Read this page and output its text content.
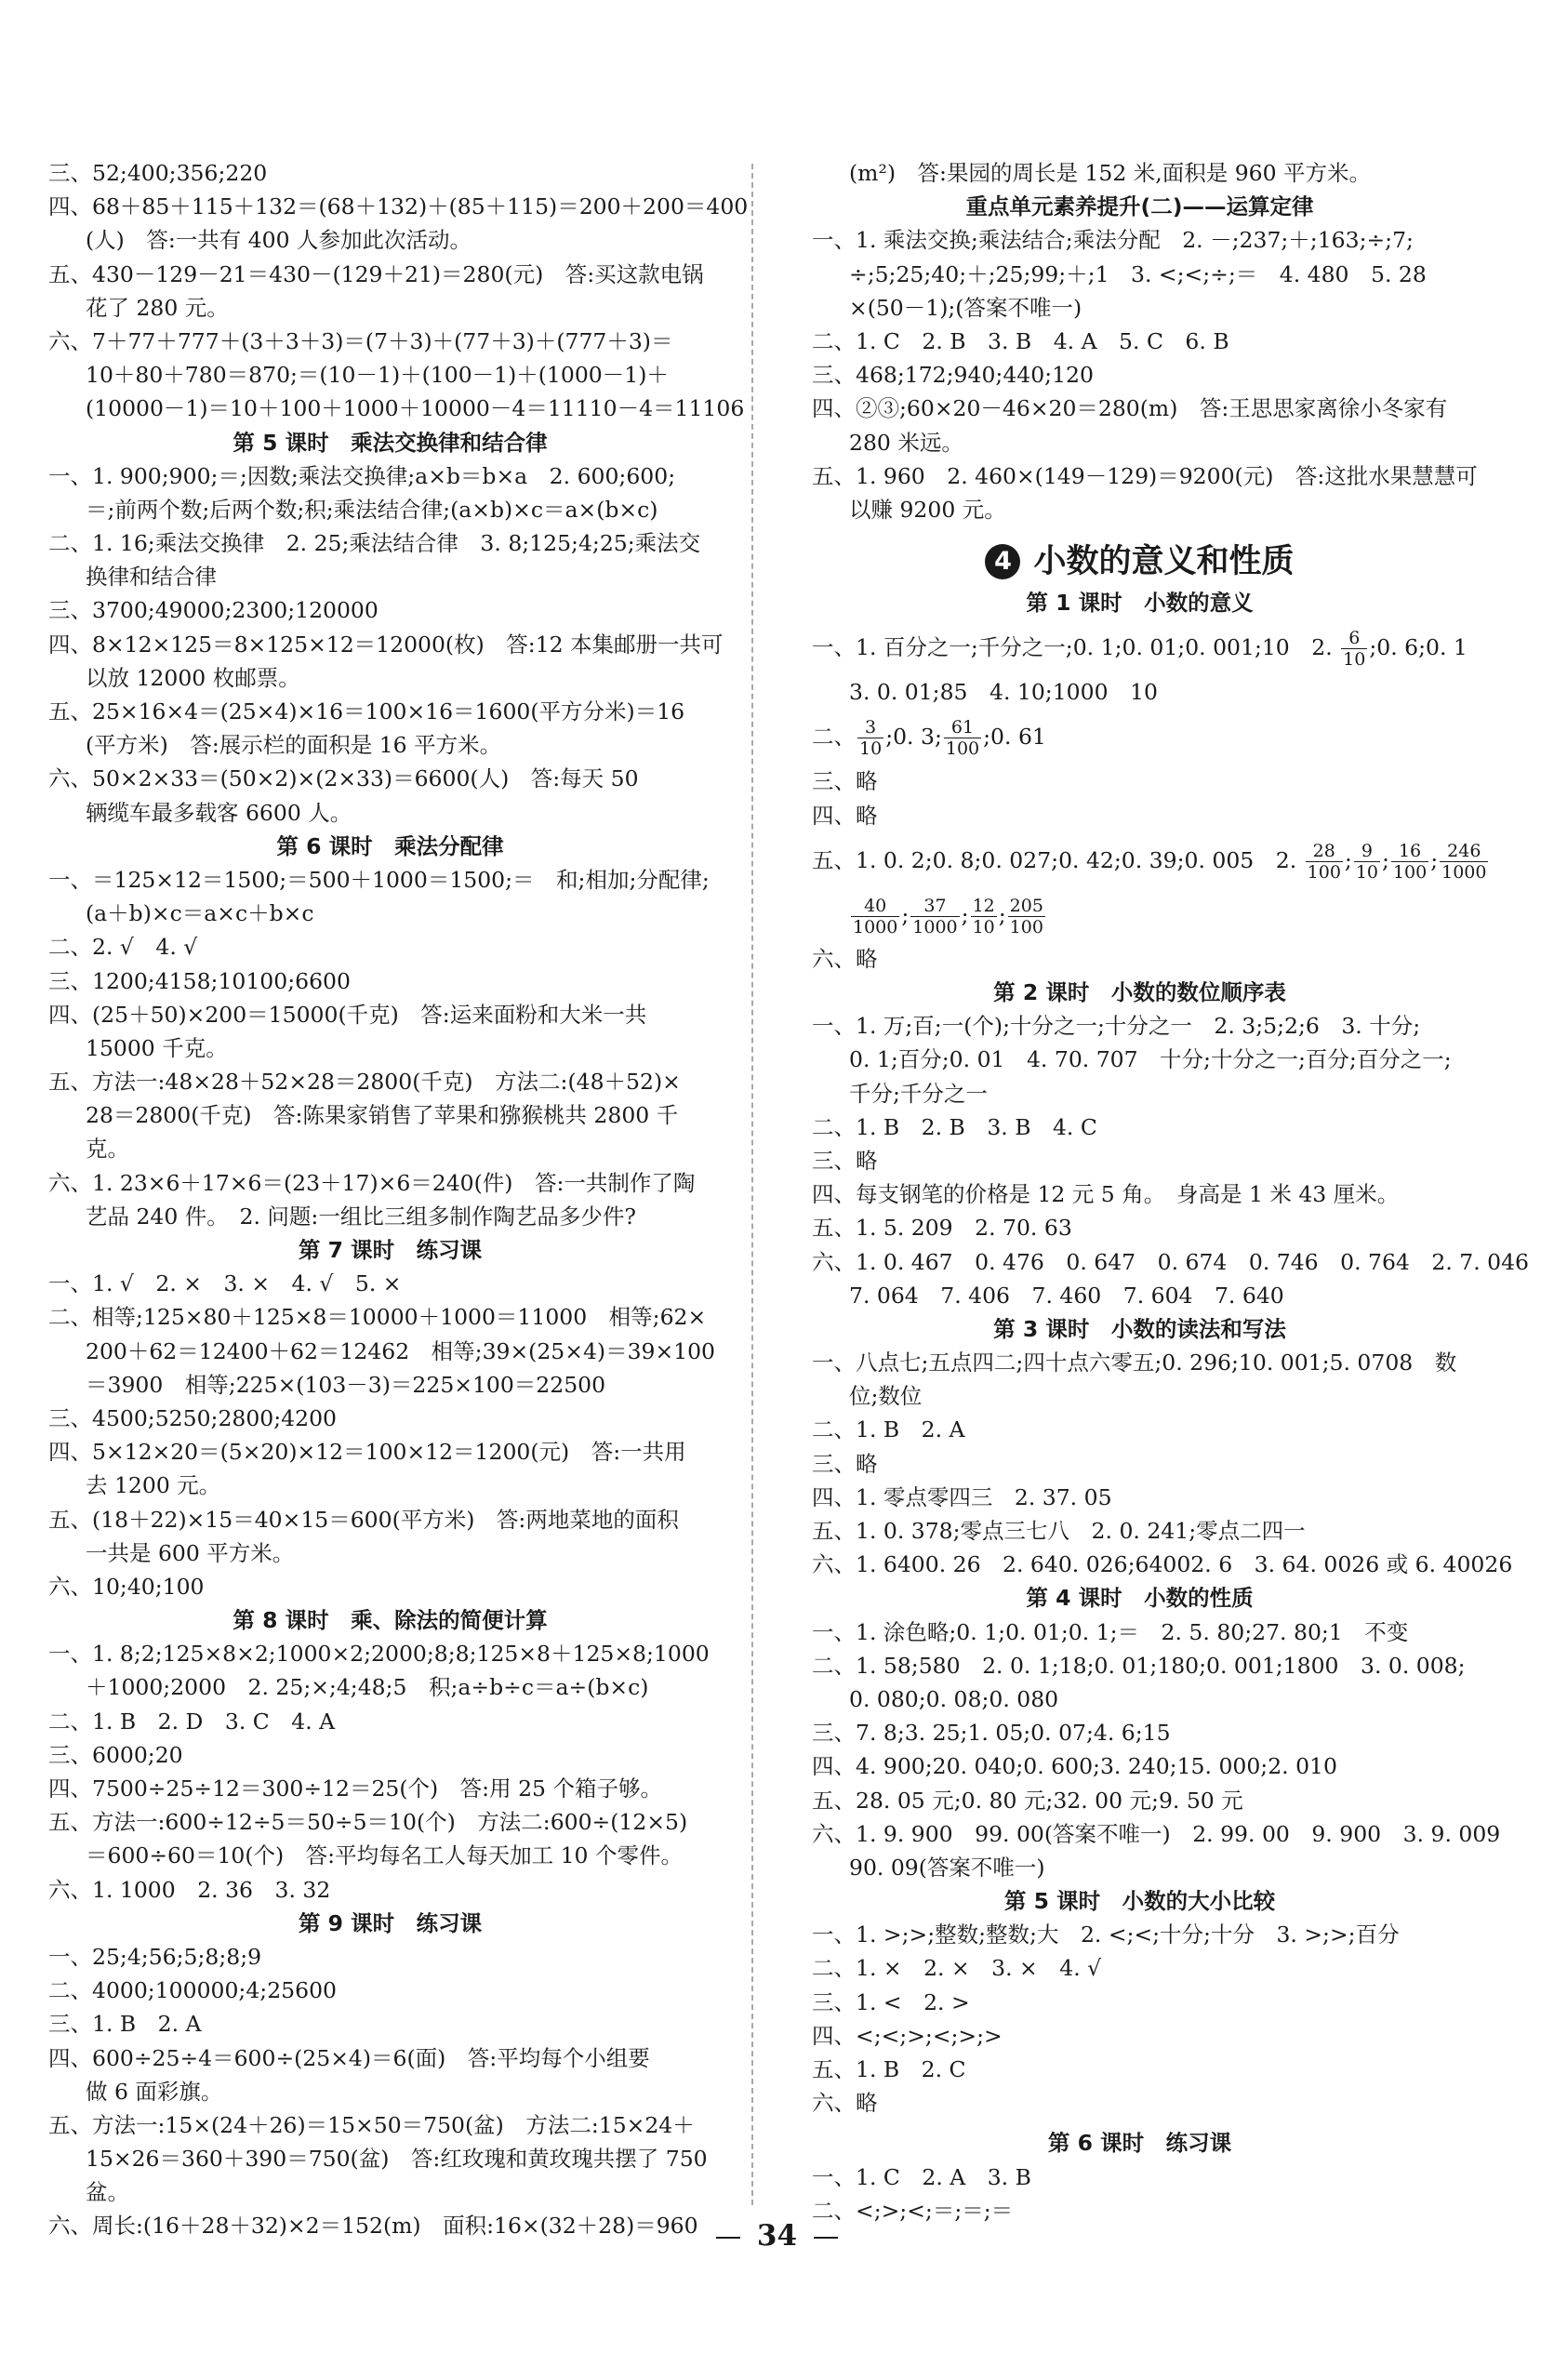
三、52;400;356;220
四、68＋85＋115＋132＝(68＋132)＋(85＋115)＝200＋200＝400
(人)　答:一共有 400 人参加此次活动。
五、430－129－21＝430－(129＋21)＝280(元)　答:买这款电锅
花了 280 元。
六、7＋77＋777＋(3＋3＋3)＝(7＋3)＋(77＋3)＋(777＋3)＝
10＋80＋780＝870;＝(10－1)＋(100－1)＋(1000－1)＋
(10000－1)＝10＋100＋1000＋10000－4＝11110－4＝11106
第 5 课时　乘法交换律和结合律
一、1. 900;900;＝;因数;乘法交换律;a×b＝b×a　2. 600;600;
＝;前两个数;后两个数;积;乘法结合律;(a×b)×c＝a×(b×c)
二、1. 16;乘法交换律　2. 25;乘法结合律　3. 8;125;4;25;乘法交
换律和结合律
三、3700;49000;2300;120000
四、8×12×125＝8×125×12＝12000(枚)　答:12 本集邮册一共可
以放 12000 枚邮票。
五、25×16×4＝(25×4)×16＝100×16＝1600(平方分米)＝16
(平方米)　答:展示栏的面积是 16 平方米。
六、50×2×33＝(50×2)×(2×33)＝6600(人)　答:每天 50
辆缆车最多载客 6600 人。
第 6 课时　乘法分配律
一、＝125×12＝1500;＝500＋1000＝1500;＝　和;相加;分配律;
(a＋b)×c＝a×c＋b×c
二、2. √　4. √
三、1200;4158;10100;6600
四、(25＋50)×200＝15000(千克)　答:运来面粉和大米一共
15000 千克。
五、方法一:48×28＋52×28＝2800(千克)　方法二:(48＋52)×
28＝2800(千克)　答:陈果家销售了苹果和猕猴桃共 2800 千
克。
六、1. 23×6＋17×6＝(23＋17)×6＝240(件)　答:一共制作了陶
艺品 240 件。　2. 问题:一组比三组多制作陶艺品多少件?
第 7 课时　练习课
一、1. √　2. ×　3. ×　4. √　5. ×
二、相等;125×80＋125×8＝10000＋1000＝11000　相等;62×
200＋62＝12400＋62＝12462　相等;39×(25×4)＝39×100
＝3900　相等;225×(103－3)＝225×100＝22500
三、4500;5250;2800;4200
四、5×12×20＝(5×20)×12＝100×12＝1200(元)　答:一共用
去 1200 元。
五、(18＋22)×15＝40×15＝600(平方米)　答:两地菜地的面积
一共是 600 平方米。
六、10;40;100
第 8 课时　乘、除法的简便计算
一、1. 8;2;125×8×2;1000×2;2000;8;8;125×8＋125×8;1000
＋1000;2000　2. 25;×;4;48;5　积;a÷b÷c＝a÷(b×c)
二、1. B　2. D　3. C　4. A
三、6000;20
四、7500÷25÷12＝300÷12＝25(个)　答:用 25 个箱子够。
五、方法一:600÷12÷5＝50÷5＝10(个)　方法二:600÷(12×5)
＝600÷60＝10(个)　答:平均每名工人每天加工 10 个零件。
六、1. 1000　2. 36　3. 32
第 9 课时　练习课
一、25;4;56;5;8;8;9
二、4000;100000;4;25600
三、1. B　2. A
四、600÷25÷4＝600÷(25×4)＝6(面)　答:平均每个小组要
做 6 面彩旗。
五、方法一:15×(24＋26)＝15×50＝750(盆)　方法二:15×24＋
15×26＝360＋390＝750(盆)　答:红玫瑰和黄玫瑰共摆了 750
盆。
六、周长:(16＋28＋32)×2＝152(m)　面积:16×(32＋28)＝960
(m²)　答:果园的周长是 152 米,面积是 960 平方米。
重点单元素养提升(二)——运算定律
一、1. 乘法交换;乘法结合;乘法分配　2. －;237;＋;163;÷;7;
÷;5;25;40;＋;25;99;＋;1　3. <;<;÷;＝　4. 480　5. 28
×(50－1);(答案不唯一)
二、1. C　2. B　3. B　4. A　5. C　6. B
三、468;172;940;440;120
四、②③;60×20－46×20＝280(m)　答:王思思家离徐小冬家有
280 米远。
五、1. 960　2. 460×(149－129)＝9200(元)　答:这批水果慧慧可
以赚 9200 元。
4 小数的意义和性质
第 1 课时　小数的意义
一、1. 百分之一;千分之一;0. 1;0. 01;0. 001;10　2. $\frac{6}{10}$ ;0. 6;0. 1
3. 0. 01;85　4. 10;1000　10
二、 $\frac{3}{10}$ ;0. 3; $\frac{61}{100}$ ;0. 61
三、略
四、略
五、1. 0. 2;0. 8;0. 027;0. 42;0. 39;0. 005　2. $\frac{28}{100}$ ; $\frac{9}{10}$ ; $\frac{16}{100}$ ; $\frac{246}{1000}$
$\frac{40}{1000}$ ; $\frac{37}{1000}$ ; $\frac{12}{10}$ ; $\frac{205}{100}$
六、略
第 2 课时　小数的数位顺序表
一、1. 万;百;一(个);十分之一;十分之一　2. 3;5;2;6　3. 十分;
0. 1;百分;0. 01　4. 70. 707　十分;十分之一;百分;百分之一;
千分;千分之一
二、1. B　2. B　3. B　4. C
三、略
四、每支钢笔的价格是 12 元 5 角。　身高是 1 米 43 厘米。
五、1. 5. 209　2. 70. 63
六、1. 0. 467　0. 476　0. 647　0. 674　0. 746　0. 764　2. 7. 046
7. 064　7. 406　7. 460　7. 604　7. 640
第 3 课时　小数的读法和写法
一、八点七;五点四二;四十点六零五;0. 296;10. 001;5. 0708　数
位;数位
二、1. B　2. A
三、略
四、1. 零点零四三　2. 37. 05
五、1. 0. 378;零点三七八　2. 0. 241;零点二四一
六、1. 6400. 26　2. 640. 026;64002. 6　3. 64. 0026 或 6. 40026
第 4 课时　小数的性质
一、1. 涂色略;0. 1;0. 01;0. 1;＝　2. 5. 80;27. 80;1　不变
二、1. 58;580　2. 0. 1;18;0. 01;180;0. 001;1800　3. 0. 008;
0. 080;0. 08;0. 080
三、7. 8;3. 25;1. 05;0. 07;4. 6;15
四、4. 900;20. 040;0. 600;3. 240;15. 000;2. 010
五、28. 05 元;0. 80 元;32. 00 元;9. 50 元
六、1. 9. 900　99. 00(答案不唯一)　2. 99. 00　9. 900　3. 9. 009
90. 09(答案不唯一)
第 5 课时　小数的大小比较
一、1. >;>;整数;整数;大　2. <;<;十分;十分　3. >;>;百分
二、1. ×　2. ×　3. ×　4. √
三、1. <　2. >
四、<;<;>;<;>;>
五、1. B　2. C
六、略
第 6 课时　练习课
一、1. C　2. A　3. B
二、<;>;<;＝;＝;＝
34
